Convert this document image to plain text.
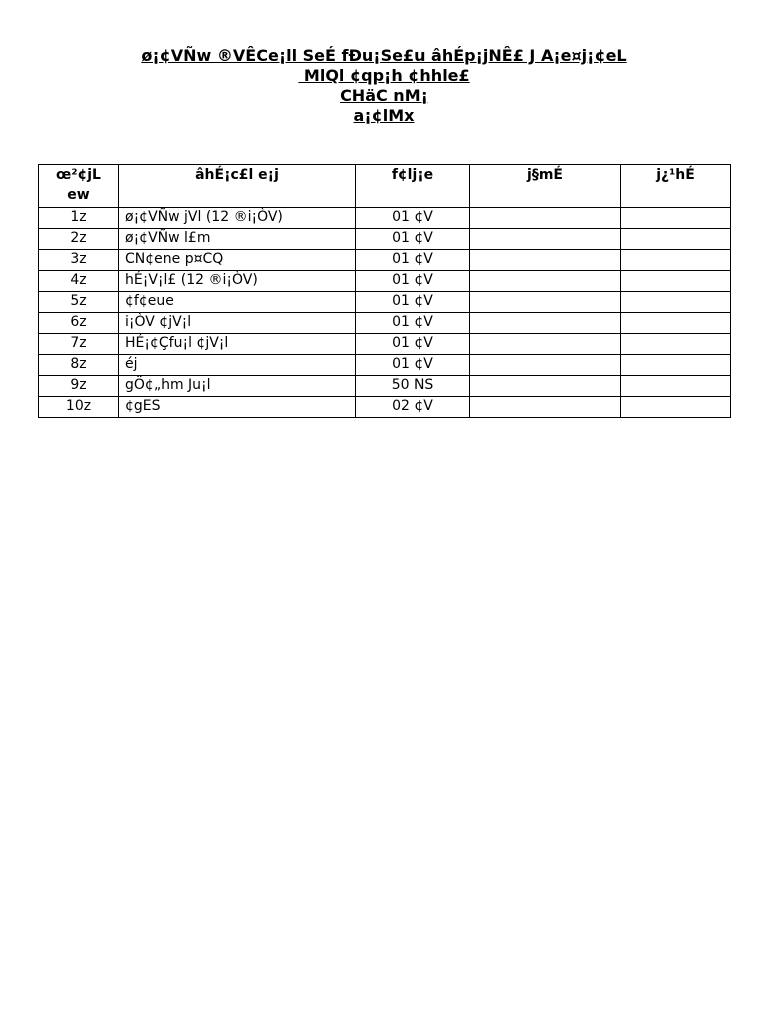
ø¡¢VÑw ®VÊCe¡ll SeÉ fÐu¡Se£u âhÉp¡jNÊ£ J A¡e¤j¡¢eL
MlQl ¢qp¡h ¢hhle£
CHäC nM¡
a¡¢lMx
œ²¢jL ew	âhÉ¡c£l e¡j	f¢lj¡e	j§mÉ	j¿¹hÉ
1z	ø¡¢VÑw jVl (12 ®i¡ÒV)	01 ¢V		
2z	ø¡¢VÑw l£m	01 ¢V		
3z	CN¢ene p¤CQ	01 ¢V		
4z	hÉ¡V¡l£ (12 ®i¡ÒV)	01 ¢V		
5z	¢f¢eue	01 ¢V		
6z	i¡ÒV ¢jV¡l	01 ¢V		
7z	HÉ¡¢Çfu¡l ¢jV¡l	01 ¢V		
8z	éj	01 ¢V		
9z	gÖ¢„hm Ju¡l	50 NS		
10z	¢gES	02 ¢V		
